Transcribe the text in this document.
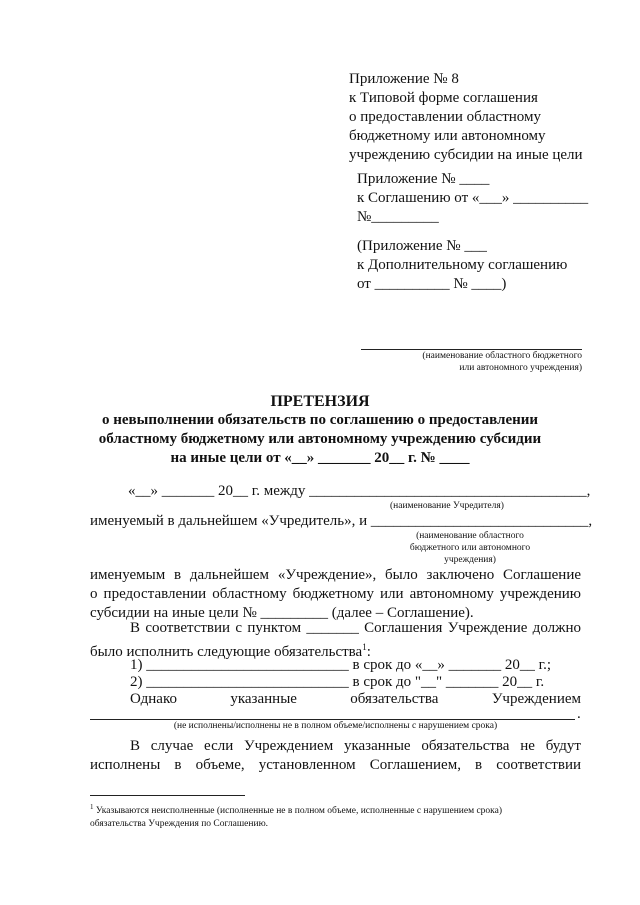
Приложение № 8
к Типовой форме соглашения
о предоставлении областному
бюджетному или автономному
учреждению субсидии на иные цели
Приложение № ____
к Соглашению от «___» __________
№_________
(Приложение № ___
к Дополнительному соглашению
от __________ № ____)
(наименование областного бюджетного
или автономного учреждения)
ПРЕТЕНЗИЯ
о невыполнении обязательств по соглашению о предоставлении
областному бюджетному или автономному учреждению субсидии
на иные цели от «__» _______ 20__ г. № ____
«__» _______ 20__ г. между _____________________________________,
(наименование Учредителя)
именуемый в дальнейшем «Учредитель», и _____________________________,
(наименование областного
бюджетного или автономного
учреждения)
именуемым в дальнейшем «Учреждение», было заключено Соглашение
о предоставлении областному бюджетному или автономному учреждению
субсидии на иные цели № _________ (далее – Соглашение).
В соответствии с пунктом _______ Соглашения Учреждение должно
было исполнить следующие обязательства$^1$:
1) ___________________________ в срок до «__» _______ 20__ г.;
2) ___________________________ в срок до "__" _______ 20__ г.
Однако	указанные	обязательства	Учреждением
.
(не исполнены/исполнены не в полном объеме/исполнены с нарушением срока)
В случае если Учреждением указанные обязательства не будут
исполнены в объеме, установленном Соглашением, в соответствии
$^1$ Указываются неисполненные (исполненные не в полном объеме, исполненные с нарушением срока)
обязательства Учреждения по Соглашению.
